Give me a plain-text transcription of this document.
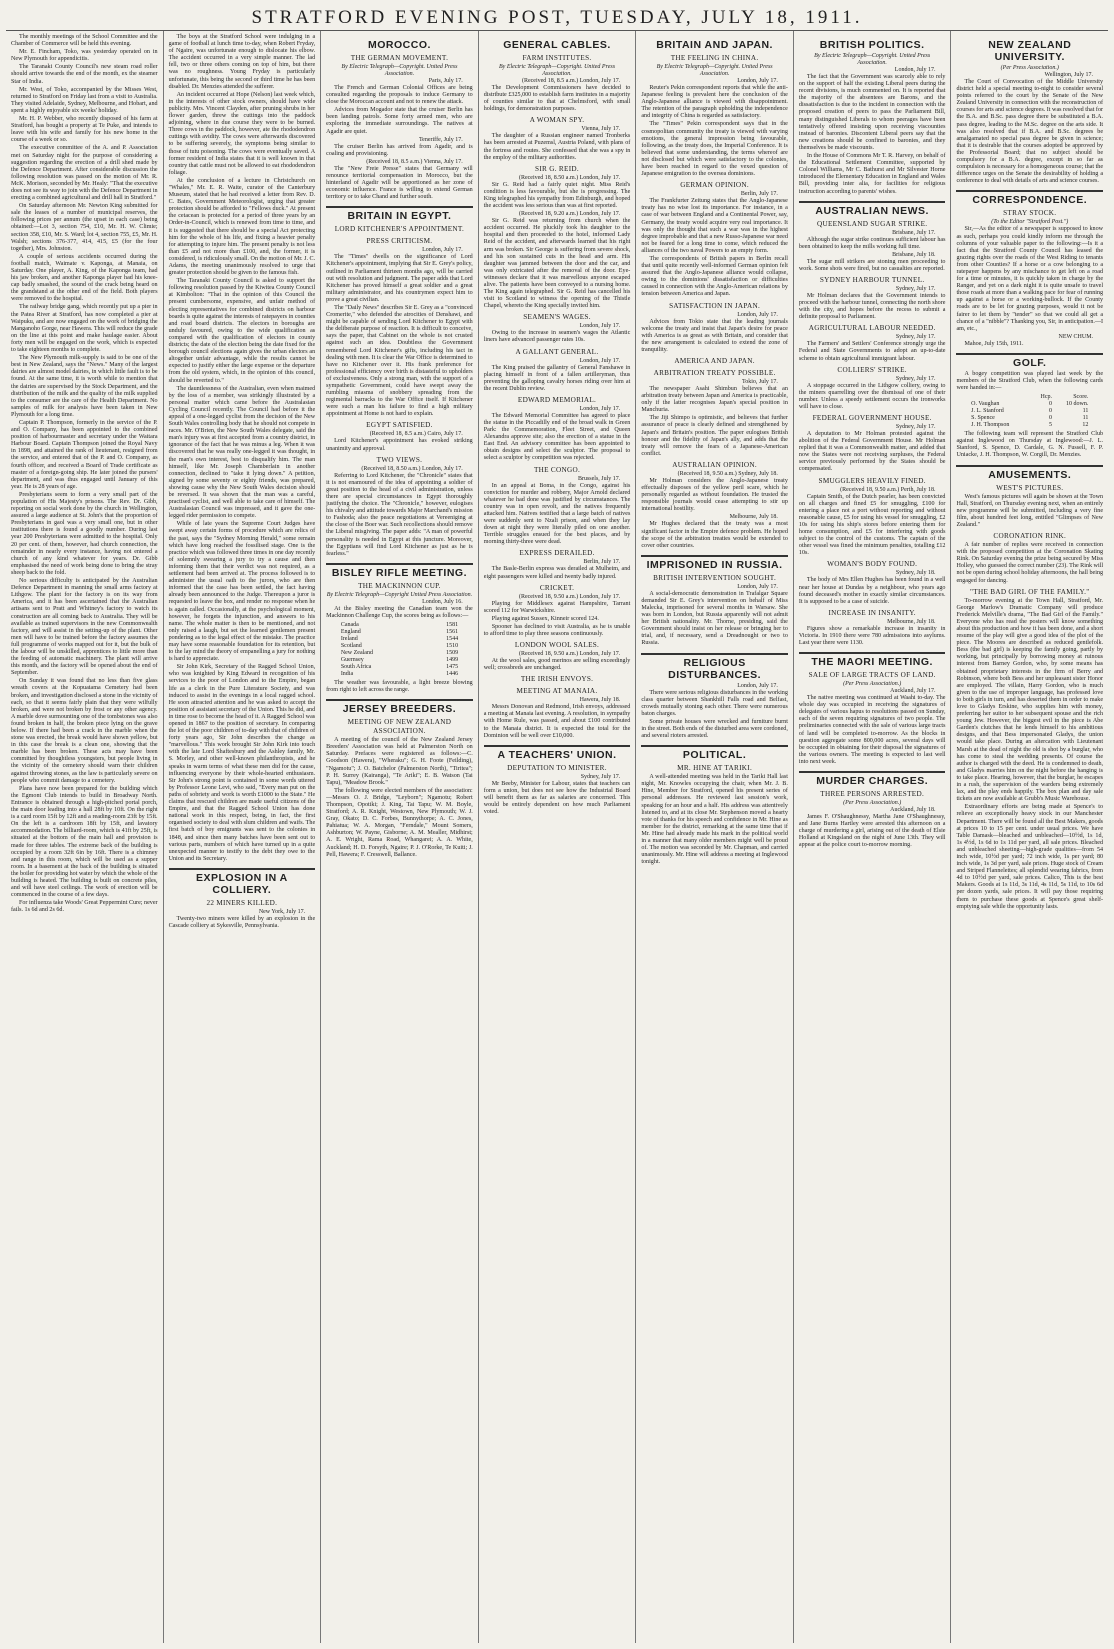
STRATFORD EVENING POST, TUESDAY, JULY 18, 1911.
The monthly meetings of the School Committee and the Chamber of Commerce will be held this evening.
Mr. E. Fincham, Toko, was yesterday operated on in New Plymouth for appendicitis.
The Taranaki County Council's new steam road roller should arrive towards the end of the month, ex the steamer Star of India.
Mr. West, of Toko, accompanied by the Misses West, returned to Stratford on Friday last from a visit to Australia. They visited Adelaide, Sydney, Melbourne, and Hobart, and spent a highly enjoyable six weeks' holiday.
Mr. H. P. Webber, who recently disposed of his farm at Stratford, has bought a property at Te Puke, and intends to leave with his wife and family for his new home in the course of a week or so.
The executive committee of the A. and P. Association met on Saturday night for the purpose of considering a suggestion regarding the erection of a drill shed made by the Defence Department. After considerable discussion the following resolution was passed on the motion of Mr. R. McK. Morison, seconded by Mr. Healy: "That the executive does not see its way to join with the Defence Department in erecting a combined agricultural and drill hall in Stratford."
On Saturday afternoon Mr. Newton King submitted for sale the leases of a number of municipal reserves, the following prices per annum (the upset in each case) being obtained:—Lot 3, section 754, £10, Mr. H. W. Climie; section 358, £10, Mr. S. Ward; lot 4, section 755, £5, Mr. H. Walsh; sections 376-377, 414, 415, £5 (for the four together), Mrs. Johnston.
A couple of serious accidents occurred during the football match, Waimate v. Kaponga, at Manaia, on Saturday. One player, A. King, of the Kaponga team, had his jaw broken, and another Kaponga player had his knee-cap badly smashed, the sound of the crack being heard on the grandstand at the other end of the field. Both players were removed to the hospital.
The railway bridge gang, which recently put up a pier in the Patea River at Stratford, has now completed a pier at Waipuku, and are now engaged on the work of bridging the Manganoho Gorge, near Hawera. This will reduce the grade on the line at this point and make haulage easier. About forty men will be engaged on the work, which is expected to take eighteen months to complete.
The New Plymouth milk-supply is said to be one of the best in New Zealand, says the "News." Many of the largest dairies are almost model dairies, in which little fault is to be found. At the same time, it is worth while to mention that the dairies are supervised by the Stock Department, and the distribution of the milk and the quality of the milk supplied to the consumer are the care of the Health Department. No samples of milk for analysis have been taken in New Plymouth for a long time.
Captain P. Thompson, formerly in the service of the P. and O. Company, has been appointed to the combined position of harbourmaster and secretary under the Waitara Harbour Board. Captain Thompson joined the Royal Navy in 1898, and attained the rank of lieutenant, resigned from the service, and entered that of the P. and O. Company, as fourth officer, and received a Board of Trade certificate as master of a foreign-going ship. He later joined the pursers' department, and was thus engaged until January of this year. He is 28 years of age.
Presbyterians seem to form a very small part of the population of His Majesty's prisons. The Rev. Dr. Gibb, reporting on social work done by the church in Wellington, assured a large audience at St. John's that the proportion of Presbyterians in gaol was a very small one, but in other institutions there is found a goodly number. During last year 200 Presbyterians were admitted to the hospital. Only 20 per cent. of them, however, had church connection, the remainder in nearly every instance, having not entered a church of any kind whatever for years. Dr. Gibb emphasised the need of work being done to bring the stray sheep back to the fold.
No serious difficulty is anticipated by the Australian Defence Department in manning the small arms factory at Lithgow. The plant for the factory is on its way from America, and it has been ascertained that the Australian artisans sent to Pratt and Whitney's factory to watch its construction are all coming back to Australia. They will be available as trained supervisors in the new Commonwealth factory, and will assist in the setting-up of the plant. Other men will have to be trained before the factory assumes the full programme of works mapped out for it, but the bulk of the labour will be unskilled, apprentices to little more than the feeding of automatic machinery. The plant will arrive this month, and the factory will be opened about the end of September.
On Sunday it was found that no less than five glass wreath covers at the Kopuatama Cemetery had been broken, and investigation disclosed a stone in the vicinity of each, so that it seems fairly plain that they were wilfully broken, and were not broken by frost or any other agency. A marble dove surmounting one of the tombstones was also found broken in half, the broken piece lying on the grave below. If there had been a crack in the marble when the stone was erected, the break would have shown yellow, but in this case the break is a clean one, showing that the marble has been broken. These acts may have been committed by thoughtless youngsters, but people living in the vicinity of the cemetery should warn their children against throwing stones, as the law is particularly severe on people who commit damage to a cemetery.
Plans have now been prepared for the building which the Egmont Club intends to build in Broadway North. Entrance is obtained through a high-pitched portal porch, the main door leading into a hall 28ft by 10ft. On the right is a card room 15ft by 12ft and a reading-room 23ft by 15ft. On the left is a cardroom 18ft by 15ft, and lavatory accommodation. The billiard-room, which is 41ft by 25ft, is situated at the bottom of the main hall and provision is made for three tables. The extreme back of the building is occupied by a room 32ft 6in by 16ft. There is a chimney and range in this room, which will be used as a supper room. In a basement at the back of the building is situated the boiler for providing hot water by which the whole of the building is heated. The building is built on concrete piles, and will have steel ceilings. The work of erection will be commenced in the course of a few days.
For influenza take Woods' Great Peppermint Cure; never fails. 1s 6d and 2s 6d.
The boys at the Stratford School were indulging in a game of football at lunch time to-day, when Robert Fryday, of Ngaire, was unfortunate enough to dislocate his elbow. The accident occurred in a very simple manner. The lad fell, two or three others coming on top of him, but there was no roughness. Young Fryday is particularly unfortunate, this being the second or third time he has been disabled. Dr. Menzies attended the sufferer.
An incident occurred at Hope (Nelson) last week which, in the interests of other stock owners, should have wide publicity. Mrs. Vincent Clayden, after pruning shrubs in her flower garden, threw the cuttings into the paddock adjoining, where in due course they were to be burned. Three cows in the paddock, however, ate the rhododendron cuttings with avidity. The cows were afterwards discovered to be suffering severely, the symptoms being similar to those of tutu poisoning. The cows were eventually saved. A former resident of India states that it is well known in that country that cattle must not be allowed to eat rhododendron foliage.
At the conclusion of a lecture in Christchurch on "Whales," Mr. E. R. Waite, curator of the Canterbury Museum, stated that he had received a letter from Rev. D. C. Bates, Government Meteorologist, urging that greater protection should be afforded to "Fellows duck." At present the cetacean is protected for a period of three years by an Order-in-Council, which is renewed from time to time, and it is suggested that there should be a special Act protecting him for the whole of his life, and fixing a heavier penalty for attempting to injure him. The present penalty is not less than £5 and not more than £100, and, the former, it is considered, is ridiculously small. On the motion of Mr. J. C. Adams, the meeting unanimously resolved to urge that greater protection should be given to the famous fish.
The Taranaki County Council is asked to support the following resolution passed by the Kiwitea County Council at Kimbolton: "That in the opinion of this Council the present cumbersome, expensive, and unfair method of electing representatives for combined districts on harbour boards is quite against the interests of ratepayers in counties and road board districts. The electors in boroughs are unduly favoured, owing to the wide qualification as compared with the qualification of electors in county districts; the date of the election being the date fixed for the borough council elections again gives the urban electors an altogether unfair advantage, while the results cannot be expected to justify either the large expense or the departure from the old system, which, in the opinion of this council, should be reverted to."
The dauntlessness of the Australian, even when maimed by the loss of a member, was strikingly illustrated by a personal matter which came before the Australasian Cycling Council recently. The Council had before it the appeal of a one-legged cyclist from the decision of the New South Wales controlling body that he should not compete in races. Mr. O'Brien, the New South Wales delegate, said the man's injury was at first accepted from a country district, in ignorance of the fact that he was minus a leg. When it was discovered that he was really one-legged it was thought, in the man's own interest, best to disqualify him. The man himself, like Mr. Joseph Chamberlain in another connection, declined to "take it lying down." A petition, signed by some seventy or eighty friends, was prepared, showing cause why the New South Wales decision should be reversed. It was shown that the man was a careful, practised cyclist, and well able to take care of himself. The Australasian Council was impressed, and it gave the one-legged rider permission to compete.
While of late years the Supreme Court Judges have swept away certain forms of procedure which are relics of the past, says the "Sydney Morning Herald," some remain which have long reached the fossilised stage. One is the practice which was followed three times in one day recently of solemnly swearing a jury to try a cause and then informing them that their verdict was not required, as a settlement had been arrived at. The process followed is to administer the usual oath to the jurors, who are then informed that the case has been settled, the fact having already been announced to the Judge. Thereupon a juror is requested to leave the box, and render no response when he is again called. Occasionally, at the psychological moment, however, he forgets the injunction, and answers to his name. The whole matter is then to be mentioned, and not only raised a laugh, but set the learned gentlemen present pondering as to the legal effect of the mistake. The practice may have some reasonable foundation for its retention, but to the lay mind the theory of empanelling a jury for nothing is hard to appreciate.
Sir John Kirk, Secretary of the Ragged School Union, who was knighted by King Edward in recognition of his services to the poor of London and to the Empire, began life as a clerk in the Pure Literature Society, and was induced to assist in the evenings in a local ragged school. He soon attracted attention and he was asked to accept the position of assistant secretary of the Union. This he did, and in time rose to become the head of it. A Ragged School was opened in 1867 to the position of secretary. In comparing the lot of the poor children of to-day with that of children of forty years ago, Sir John describes the change as "marvellous." This work brought Sir John Kirk into touch with the late Lord Shaftesbury and the Ashley family, Mr. S. Morley, and other well-known philanthropists, and he speaks in warm terms of what these men did for the cause, influencing everyone by their whole-hearted enthusiasm. Sir John's strong point is contained in some words uttered by Professor Leone Levi, who said, "Every man put on the paths of sobriety and work is worth £1000 to the State." He claims that rescued children are made useful citizens of the Empire, and that the Ragged School Union has done national work in this respect, being, in fact, the first organised society to deal with slum children and waifs. The first batch of boy emigrants was sent to the colonies in 1848, and since then many batches have been sent out to various parts, numbers of which have turned up in a quite unexpected manner to testify to the debt they owe to the Union and its Secretary.
EXPLOSION IN A COLLIERY.
22 MINERS KILLED.
New York, July 17.
Twenty-two miners were killed by an explosion in the Cascade colliery at Sykesville, Pennsylvania.
MOROCCO.
THE GERMAN MOVEMENT.
By Electric Telegraph—Copyright. United Press Association.
Paris, July 17.
The French and German Colonial Offices are being consulted regarding the proposals to induce Germany to close the Moroccan account and not to renew the attack.
Advices from Mogador state that the cruiser Berlin has been landing patrols. Some forty armed men, who are exploring the immediate surroundings. The natives at Agadir are quiet.
Teneriffe, July 17.
The cruiser Berlin has arrived from Agadir, and is coaling and provisioning.
(Received 18, 8.5 a.m.) Vienna, July 17.
The "New Freie Presse" states that Germany will renounce territorial compensation in Morocco, but the hinterland of Agadir will be apportioned as her zone of economic influence. France is willing to extend German territory or to take Chand and further south.
BRITAIN IN EGYPT.
LORD KITCHENER'S APPOINTMENT.
PRESS CRITICISM.
London, July 17.
The "Times" dwells on the significance of Lord Kitchener's appointment, implying that Sir E. Grey's policy, outlined in Parliament thirteen months ago, will be carried out with resolution and judgment. The paper adds that Lord Kitchener has proved himself a great soldier and a great military administrator, and his countrymen expect him to prove a great civilian.
The "Daily News" describes Sir E. Grey as a "convinced Cromerite," who defended the atrocities of Denshawi, and might be capable of sending Lord Kitchener to Egypt with the deliberate purpose of reaction. It is difficult to conceive, says the paper, that Cabinet on the whole is not crusted against such an idea. Doubtless the Government remembered Lord Kitchener's gifts, including his tact in dealing with men. It is clear the War Office is determined to have no Kitchener over it. His frank preference for professional efficiency over birth is distasteful to upholders of exclusiveness. Only a strong man, with the support of a sympathetic Government, could have swept away the rumbling miasma of snobbery spreading from the regimental barracks to the War Office itself. If Kitchener were such a man his failure to find a high military appointment at Home is not hard to explain.
EGYPT SATISFIED.
(Received 18, 8.5 a.m.) Cairo, July 17.
Lord Kitchener's appointment has evoked striking unanimity and approval.
TWO VIEWS.
(Received 18, 8.50 a.m.) London, July 17.
Referring to Lord Kitchener, the "Chronicle" states that it is not enamoured of the idea of appointing a soldier of great position to the head of a civil administration, unless there are special circumstances in Egypt thoroughly justifying the choice. The "Chronicle," however, eulogises his chivalry and attitude towards Major Marchand's mission to Fashoda; also the peace negotiations at Vereeniging at the close of the Boer war. Such recollections should remove the Liberal misgiving. The paper adds: "A man of powerful personality is needed in Egypt at this juncture. Moreover, the Egyptians will find Lord Kitchener as just as he is fearless."
BISLEY RIFLE MEETING.
THE MACKINNON CUP.
By Electric Telegraph—Copyright United Press Association.
London, July 16.
At the Bisley meeting the Canadian team won the Mackinnon Challenge Cup, the scores being as follows:—
Canada	1581
England	1561
Ireland	1544
Scotland	1510
New Zealand	1509
Guernsey	1499
South Africa	1475
India	1446
The weather was favourable, a light breeze blowing from right to left across the range.
JERSEY BREEDERS.
MEETING OF NEW ZEALAND ASSOCIATION.
A meeting of the council of the New Zealand Jersey Breeders' Association was held at Palmerston North on Saturday. Prefaces were registered as follows:—C. Goodson (Hawera), "Wheraku"; G. H. Foote (Feilding), "Ngamotu"; J. O. Batchelor (Palmerston North), "Tiritea"; P. H. Surrey (Kairanga), "Te Ariki"; E. B. Watson (Tai Tapu), "Meadow Brook."
The following were elected members of the association:—Messrs O. J. Bridge, "Leyborn"; Ngamotu; Robert Thompson, Opotiki; J. King, Tai Tapu; W. M. Boyle, Stratford; A. R. Knight, Westown, New Plymouth; W. J. Gray, Okato; D. C. Forbes, Bunnythorpe; A. C. Jones, Pahiatua; W. A. Morgan, "Ferndale," Mount Somers, Ashburton; W. Payne, Gisborne; A. M. Mealler, Midhirst; A. E. Wright, Rama Road, Whangarei; A. A. White, Auckland; H. D. Forsyth, Ngaire; P. J. O'Rorke, Te Kuiti; J. Pell, Hawera; F. Cresswell, Ballance.
GENERAL CABLES.
FARM INSTITUTES.
By Electric Telegraph—Copyright. United Press Association.
(Received 18, 8.5 a.m.) London, July 17.
The Development Commissioners have decided to distribute £325,000 to establish farm institutes in a majority of counties similar to that at Chelmsford, with small holdings, for demonstration purposes.
A WOMAN SPY.
Vienna, July 17.
The daughter of a Russian engineer named Tronberks has been arrested at Puzemsl, Austria Poland, with plans of the fortress and routes. She confessed that she was a spy in the employ of the military authorities.
SIR G. REID.
(Received 18, 8.50 a.m.) London, July 17.
Sir G. Reid had a fairly quiet night. Miss Reid's condition is less favourable, but she is progressing. The King telegraphed his sympathy from Edinburgh, and hoped the accident was less serious than was at first reported.
(Received 18, 9.20 a.m.) London, July 17.
Sir G. Reid was returning from church when the accident occurred. He pluckily took his daughter to the hospital and then proceeded to the hotel, informed Lady Reid of the accident, and afterwards learned that his right arm was broken. Sir George is suffering from severe shock, and his son sustained cuts in the head and arm. His daughter was jammed between the door and the car, and was only extricated after the removal of the door. Eye-witnesses declare that it was marvellous anyone escaped alive. The patients have been conveyed to a nursing home. The King again telegraphed. Sir G. Reid has cancelled his visit to Scotland to witness the opening of the Thistle Chapel, whereto the King specially invited him.
SEAMEN'S WAGES.
London, July 17.
Owing to the increase in seamen's wages the Atlantic liners have advanced passenger rates 10s.
A GALLANT GENERAL.
London, July 17.
The King praised the gallantry of General Fanshawe in placing himself in front of a fallen artilleryman, thus preventing the galloping cavalry horses riding over him at the recent Dublin review.
EDWARD MEMORIAL.
London, July 17.
The Edward Memorial Committee has agreed to place the statue in the Piccadilly end of the broad walk in Green Park: the Commemoration, Fleet Street, and Queen Alexandra approve site; also the erection of a statue in the East End. An advisory committee has been appointed to obtain designs and select the sculptor. The proposal to select a sculptor by competition was rejected.
THE CONGO.
Brussels, July 17.
In an appeal at Boma, in the Congo, against his conviction for murder and robbery, Major Arnold declared whatever he had done was justified by circumstances. The country was in open revolt, and the natives frequently attacked him. Natives testified that a large batch of natives were suddenly sent to Nzali prison, and when they lay down at night they were literally piled on one another. Terrible struggles ensued for the best places, and by morning thirty-three were dead.
EXPRESS DERAILED.
Berlin, July 17.
The Basle-Berlin express was derailed at Mulheim, and eight passengers were killed and twenty badly injured.
CRICKET.
(Received 18, 9.50 a.m.) London, July 17.
Playing for Middlesex against Hampshire, Tarrant scored 112 for Warwickshire.
Playing against Sussex, Kinneir scored 124.
Spooner has declined to visit Australia, as he is unable to afford time to play three seasons continuously.
LONDON WOOL SALES.
(Received 18, 9.50 a.m.) London, July 17.
At the wool sales, good merinos are selling exceedingly well; crossbreds are unchanged.
THE IRISH ENVOYS.
MEETING AT MANAIA.
Hawera, July 18.
Messrs Donovan and Redmond, Irish envoys, addressed a meeting at Manaia last evening. A resolution, in sympathy with Home Rule, was passed, and about £100 contributed to the Manaia district. It is expected the total for the Dominion will be well over £10,000.
A TEACHERS' UNION.
DEPUTATION TO MINISTER.
Sydney, July 17.
Mr Beeby, Minister for Labour, states that teachers can form a union, but does not see how the Industrial Board will benefit them as far as salaries are concerned. This would be entirely dependent on how much Parliament voted.
BRITAIN AND JAPAN.
THE FEELING IN CHINA.
By Electric Telegraph—Copyright. United Press Association.
London, July 17.
Reuter's Pekin correspondent reports that while the anti-Japanese feeling is prevalent here the conclusion of the Anglo-Japanese alliance is viewed with disappointment. The retention of the paragraph upholding the independence and integrity of China is regarded as satisfactory.
The "Times" Pekin correspondent says that in the cosmopolitan community the treaty is viewed with varying emotions, the general impression being favourable, following, as the treaty does, the Imperial Conference. It is believed that some understanding, the terms whereof are not disclosed but which were satisfactory to the colonies, have been reached in regard to the vexed question of Japanese emigration to the oversea dominions.
GERMAN OPINION.
Berlin, July 17.
The Frankfurter Zeitung states that the Anglo-Japanese treaty has no wise lost its importance. For instance, in a case of war between England and a Continental Power, say, Germany, the treaty would acquire very real importance. It was only the thought that such a war was in the highest degree improbable and that a new Russo-Japanese war need not be feared for a long time to come, which reduced the alliances of the two naval Powers to an empty form.
The correspondents of British papers in Berlin recall that until quite recently well-informed German opinion felt assured that the Anglo-Japanese alliance would collapse, owing to the dominions' dissatisfaction or difficulties caused in connection with the Anglo-American relations by tension between America and Japan.
SATISFACTION IN JAPAN.
London, July 17.
Advices from Tokio state that the leading journals welcome the treaty and insist that Japan's desire for peace with America is as great as with Britain, and consider that the new arrangement is calculated to extend the zone of tranquility.
AMERICA AND JAPAN.
ARBITRATION TREATY POSSIBLE.
Tokio, July 17.
The newspaper Asahi Shimbun believes that an arbitration treaty between Japan and America is practicable, only if the latter recognises Japan's special position in Manchuria.
The Jiji Shimpo is optimistic, and believes that further assurance of peace is clearly defined and strengthened by Japan's and Britain's position. The paper eulogises British honour and the fidelity of Japan's ally, and adds that the treaty will remove the fears of a Japanese-American conflict.
AUSTRALIAN OPINION.
(Received 18, 9.50 a.m.) Sydney, July 18.
Mr Holman considers the Anglo-Japanese treaty effectually disposes of the yellow peril scare, which he personally regarded as without foundation. He trusted the responsible journals would cease attempting to stir up international hostility.
Melbourne, July 18.
Mr Hughes declared that the treaty was a most significant factor in the Empire defence problem. He hoped the scope of the arbitration treaties would be extended to cover other countries.
IMPRISONED IN RUSSIA.
BRITISH INTERVENTION SOUGHT.
London, July 17.
A social-democratic demonstration in Trafalgar Square demanded Sir E. Grey's intervention on behalf of Miss Malecka, imprisoned for several months in Warsaw. She was born in London, but Russia apparently will not admit her British nationality. Mr. Thorne, presiding, said the Government should insist on her release or bringing her to trial, and, if necessary, send a Dreadnought or two to Russia.
RELIGIOUS DISTURBANCES.
London, July 17.
There were serious religious disturbances in the working class quarter between Shankhill Falls road and Belfast, crowds mutually stoning each other. There were numerous baton charges.
Some private houses were wrecked and furniture burnt in the street. Both ends of the disturbed area were cordoned, and several rioters arrested.
POLITICAL.
MR. HINE AT TARIKI.
A well-attended meeting was held in the Tariki Hall last night, Mr. Knowles occupying the chair, when Mr. J. B. Hine, Member for Stratford, opened his present series of personal addresses. He reviewed last session's work, speaking for an hour and a half. His address was attentively listened to, and at its close Mr. Stephenson moved a hearty vote of thanks for his speech and confidence in Mr. Hine as member for the district, remarking at the same time that if Mr. Hine had already made his mark in the political world in a manner that many older members might well be proud of. The motion was seconded by Mr. Chapman, and carried unanimously. Mr. Hine will address a meeting at Inglewood tonight.
BRITISH POLITICS.
By Electric Telegraph—Copyright. United Press Association.
London, July 17.
The fact that the Government was scarcely able to rely on the support of half the existing Liberal peers during the recent divisions, is much commented on. It is reported that the majority of the absentees are Barons, and the dissatisfaction is due to the incident in connection with the proposed creation of peers to pass the Parliament Bill, many distinguished Liberals to whom peerages have been tentatively offered insisting upon receiving viscounties instead of baronies. Discontent Liberal peers say that the new creations should be confined to baronies, and they themselves be made viscounts.
In the House of Commons Mr T. R. Harvey, on behalf of the Educational Settlement Committee, supported by Colonel Williams, Mr C. Bathurst and Mr Silvester Horne introduced the Elementary Education in England and Wales Bill, providing inter alia, for facilities for religious instruction according to parents' wishes.
AUSTRALIAN NEWS.
QUEENSLAND SUGAR STRIKE.
Brisbane, July 17.
Although the sugar strike continues sufficient labour has been obtained to keep the mills working full time.
Brisbane, July 18.
The sugar mill strikers are stoning men proceeding to work. Some shots were fired, but no casualties are reported.
SYDNEY HARBOUR TUNNEL.
Sydney, July 17.
Mr Holman declares that the Government intends to proceed with the harbour tunnel, connecting the north shore with the city, and hopes before the recess to submit a definite proposal to Parliament.
AGRICULTURAL LABOUR NEEDED.
Sydney, July 17.
The Farmers' and Settlers' Conference strongly urge the Federal and State Governments to adopt an up-to-date scheme to obtain agricultural immigrant labour.
COLLIERS' STRIKE.
Sydney, July 17.
A stoppage occurred in the Lithgow colliery, owing to the miners quarrelling over the dismissal of one of their number. Unless a speedy settlement occurs the ironworks will have to close.
FEDERAL GOVERNMENT HOUSE.
Sydney, July 17.
A deputation to Mr Holman protested against the abolition of the Federal Government House. Mr Holman replied that it was a Commonwealth matter, and added that now the States were not receiving surpluses, the Federal service previously performed by the States should be compensated.
SMUGGLERS HEAVILY FINED.
(Received 18, 9.50 a.m.) Perth, July 18.
Captain Smith, of the Dutch pearler, has been convicted on all charges and fined £5 for smuggling, £100 for entering a place not a port without reporting and without reasonable cause, £5 for using his vessel for smuggling, £2 10s for using his ship's stores before entering them for home consumption, and £5 for interfering with goods subject to the control of the customs. The captain of the other vessel was fined the minimum penalties, totalling £12 10s.
WOMAN'S BODY FOUND.
Sydney, July 18.
The body of Mrs Ellen Hughes has been found in a well near her house at Dundas by a neighbour, who years ago found deceased's mother in exactly similar circumstances. It is supposed to be a case of suicide.
INCREASE IN INSANITY.
Melbourne, July 18.
Figures show a remarkable increase in insanity in Victoria. In 1910 there were 780 admissions into asylums. Last year there were 1130.
THE MAORI MEETING.
SALE OF LARGE TRACTS OF LAND.
(Per Press Association.)
Auckland, July 17.
The native meeting was continued at Waahi to-day. The whole day was occupied in receiving the signatures of delegates of various hapus to resolutions passed on Sunday, each of the seven requiring signatures of two people. The preliminaries connected with the sale of various large tracts of land will be completed to-morrow. As the blocks in question aggregate some 800,000 acres, several days will be occupied in obtaining for their disposal the signatures of the various owners. The meeting is expected to last well into next week.
MURDER CHARGES.
THREE PERSONS ARRESTED.
(Per Press Association.)
Auckland, July 18.
James F. O'Shaughnessy, Martha Jane O'Shaughnessy, and Jane Burns Hartley were arrested this afternoon on a charge of murdering a girl, arising out of the death of Elsie Holland at Kingsland on the night of June 13th. They will appear at the police court to-morrow morning.
NEW ZEALAND UNIVERSITY.
(Per Press Association.)
Wellington, July 17.
The Court of Convocation of the Middle University district held a special meeting to-night to consider several points referred to the court by the Senate of the New Zealand University in connection with the reconstruction of courses for arts and science degrees. It was resolved that for the B.A. and B.Sc. pass degree there be substituted a B.A. pass degree, leading to the M.Sc. degree on the arts side. It was also resolved that if B.A. and B.Sc. degrees be amalgamated no special pass degree be given in science; that it is desirable that the courses adopted be approved by the Professorial Board; that no subject should be compulsory for a B.A. degree, except in so far as compulsion is necessary for a homogeneous course; that the difference urges on the Senate the desirability of holding a conference to deal with details of arts and science courses.
CORRESPONDENCE.
STRAY STOCK.
(To the Editor "Stratford Post.")
Sir,—As the editor of a newspaper is supposed to know as such, perhaps you could kindly inform me through the columns of your valuable paper to the following:—Is it a fact that the Stratford County Council has leased the grazing rights over the roads of the West Riding to tenants from other Counties? If a horse or a cow belonging to a ratepayer happens by any mischance to get left on a road for a time or minutes, it is quickly taken in charge by the Ranger, and yet on a dark night it is quite unsafe to travel those roads at more than a walking pace for fear of running up against a horse or a working-bullock. If the County roads are to be let for grazing purposes, would it not be fairer to let them by "tender" so that we could all get a chance of a "nibble"? Thanking you, Sir, in anticipation.—I am, etc.,
NEW CHUM.
Mahoe, July 15th, 1911.
GOLF.
A bogey competition was played last week by the members of the Stratford Club, when the following cards were handed in:—
	Hcp.	Score.
O. Vaughan	0	10 down.
J. L. Stanford	0	11
S. Spence	0	11
J. H. Thompson	5	12
The following team will represent the Stratford Club against Inglewood on Thursday at Inglewood:—J. L. Stanford, S. Spence, D. Cardale, G. N. Fussell, F. P. Uniacke, J. H. Thompson, W. Corgill, Dr. Menzies.
AMUSEMENTS.
WEST'S PICTURES.
West's famous pictures will again be shown at the Town Hall, Stratford, on Thursday evening next, when an entirely new programme will be submitted, including a very fine film, about hundred feet long, entitled "Glimpses of New Zealand."
CORONATION RINK.
A fair number of replies were received in connection with the proposed competition at the Coronation Skating Rink. On Saturday evening the prize being secured by Miss Holley, who guessed the correct number (23). The Rink will not be open during school holiday afternoons, the hall being engaged for dancing.
"THE BAD GIRL OF THE FAMILY."
To-morrow evening at the Town Hall, Stratford, Mr. George Marlow's Dramatic Company will produce Frederick Melville's drama, "The Bad Girl of the Family." Everyone who has read the posters will know something about this production and how it has been done, and a short resume of the play will give a good idea of the plot of the piece. The Moores are described as reduced gentlefolk. Bess (the bad girl) is keeping the family going, partly by working, but principally by borrowing money at ruinous interest from Barney Gordon, who, by some means has obtained proprietary interests in the firm of Berry and Robinson, where both Bess and her unpleasant sister Honor are employed. The villain, Harry Gordon, who is much given to the use of improper language, has professed love to both girls in turn, and has deserted them in order to make love to Gladys Erskine, who supplies him with money, preferring her suitor to her subsequent spouse and the rich young Jew. However, the biggest evil in the piece is Abe Garden's clutches that he lends himself to his ambitious designs, and that Bess impersonated Gladys, the union would take place. During an altercation with Lieutenant Marsh at the dead of night the old is shot by a burglar, who has come to steal the wedding presents. Of course the author is charged with the deed. He is condemned to death, and Gladys marries him on the night before the hanging is to take place. Hearing, however, that the burglar, he escapes in a rush, the supervision of the warders being extremely lax, and the play ends happily. The box plan and day sale tickets are now available at Grubb's Music Warehouse.
Extraordinary efforts are being made at Spence's to relieve an exceptionally heavy stock in our Manchester Department. There will be found all the Best Makers, goods at prices 10 to 15 per cent. under usual prices. We have Table Damask—bleached and unbleached—10½d, 1s 1d, 1s 4½d, 1s 6d to 1s 11d per yard, all sale prices. Bleached and unbleached sheeting—high-grade qualities—from 54 inch wide, 10½d per yard; 72 inch wide, 1s per yard; 80 inch wide, 1s 3d per yard, sale prices. Huge stock of Cream and Striped Flannelettes; all splendid wearing fabrics, from 4d to 10½d per yard, sale prices. Calico, This is the best Makers. Goods at 1s 11d, 3s 11d, 4s 11d, 5s 11d, to 10s 6d per dozen yards, sale prices. It will pay those requiring them to purchase these goods at Spence's great shelf-emptying sale while the opportunity lasts.
